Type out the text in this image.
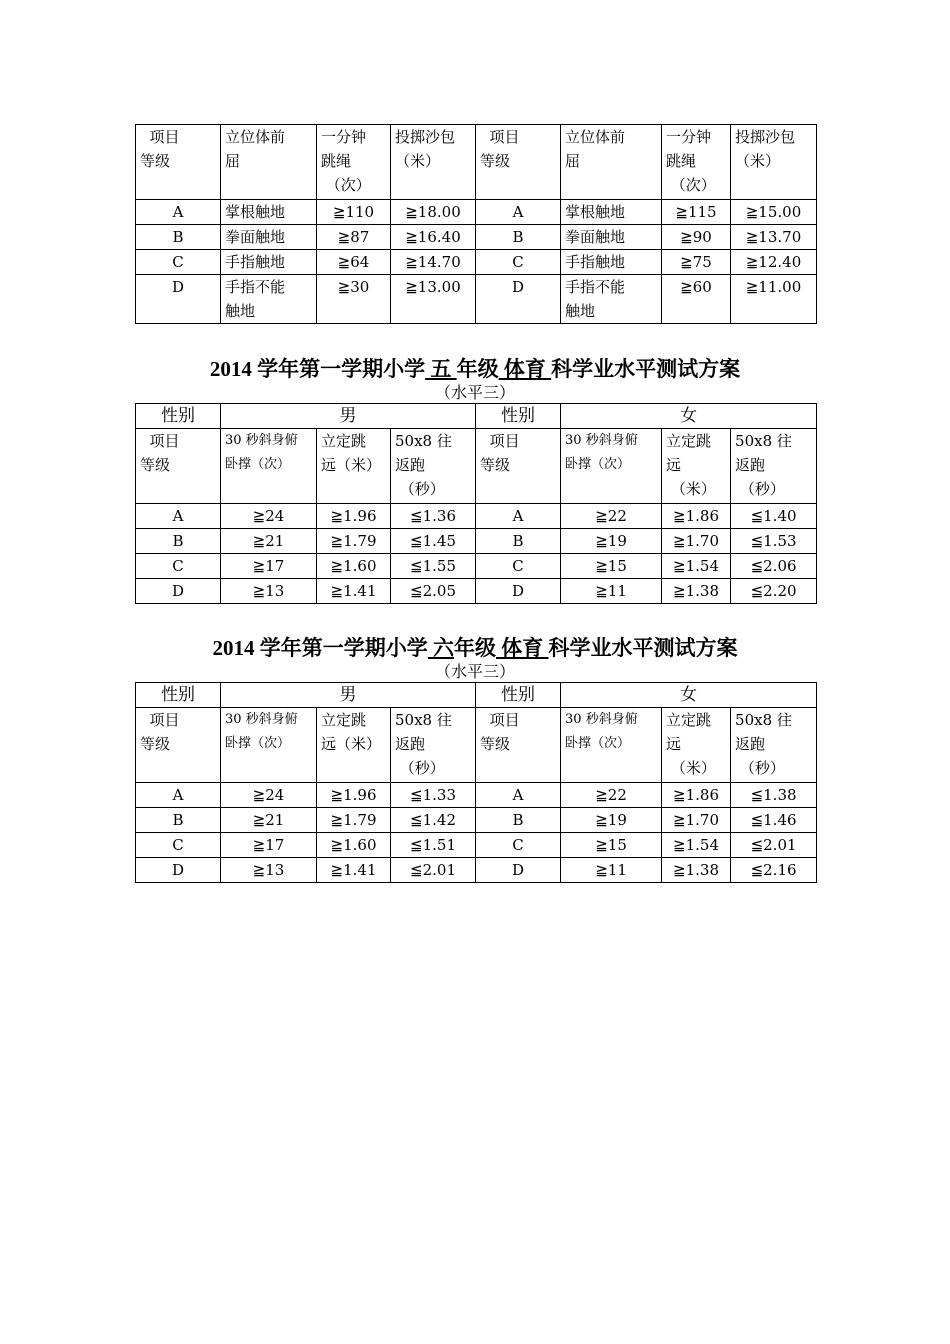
项目
等级	立位体前
屈	一分钟
跳绳
（次）	投掷沙包
（米）	项目
等级	立位体前
屈	一分钟
跳绳
（次）	投掷沙包
（米）
A	掌根触地	≧110	≧18.00	A	掌根触地	≧115	≧15.00
B	拳面触地	≧87	≧16.40	B	拳面触地	≧90	≧13.70
C	手指触地	≧64	≧14.70	C	手指触地	≧75	≧12.40
D	手指不能
触地	≧30	≧13.00	D	手指不能
触地	≧60	≧11.00
2014 学年第一学期小学 五 年级 体育 科学业水平测试方案
（水平三）
性别	男			性别	女		
项目
等级	30 秒斜身俯
卧撑（次）	立定跳
远（米）	50x8 往
返跑
（秒）	项目
等级	30 秒斜身俯
卧撑（次）	立定跳
远
（米）	50x8 往
返跑
（秒）
A	≧24	≧1.96	≦1.36	A	≧22	≧1.86	≦1.40
B	≧21	≧1.79	≦1.45	B	≧19	≧1.70	≦1.53
C	≧17	≧1.60	≦1.55	C	≧15	≧1.54	≦2.06
D	≧13	≧1.41	≦2.05	D	≧11	≧1.38	≦2.20
2014 学年第一学期小学 六年级 体育 科学业水平测试方案
（水平三）
性别	男			性别	女		
项目
等级	30 秒斜身俯
卧撑（次）	立定跳
远（米）	50x8 往
返跑
（秒）	项目
等级	30 秒斜身俯
卧撑（次）	立定跳
远
（米）	50x8 往
返跑
（秒）
A	≧24	≧1.96	≦1.33	A	≧22	≧1.86	≦1.38
B	≧21	≧1.79	≦1.42	B	≧19	≧1.70	≦1.46
C	≧17	≧1.60	≦1.51	C	≧15	≧1.54	≦2.01
D	≧13	≧1.41	≦2.01	D	≧11	≧1.38	≦2.16
